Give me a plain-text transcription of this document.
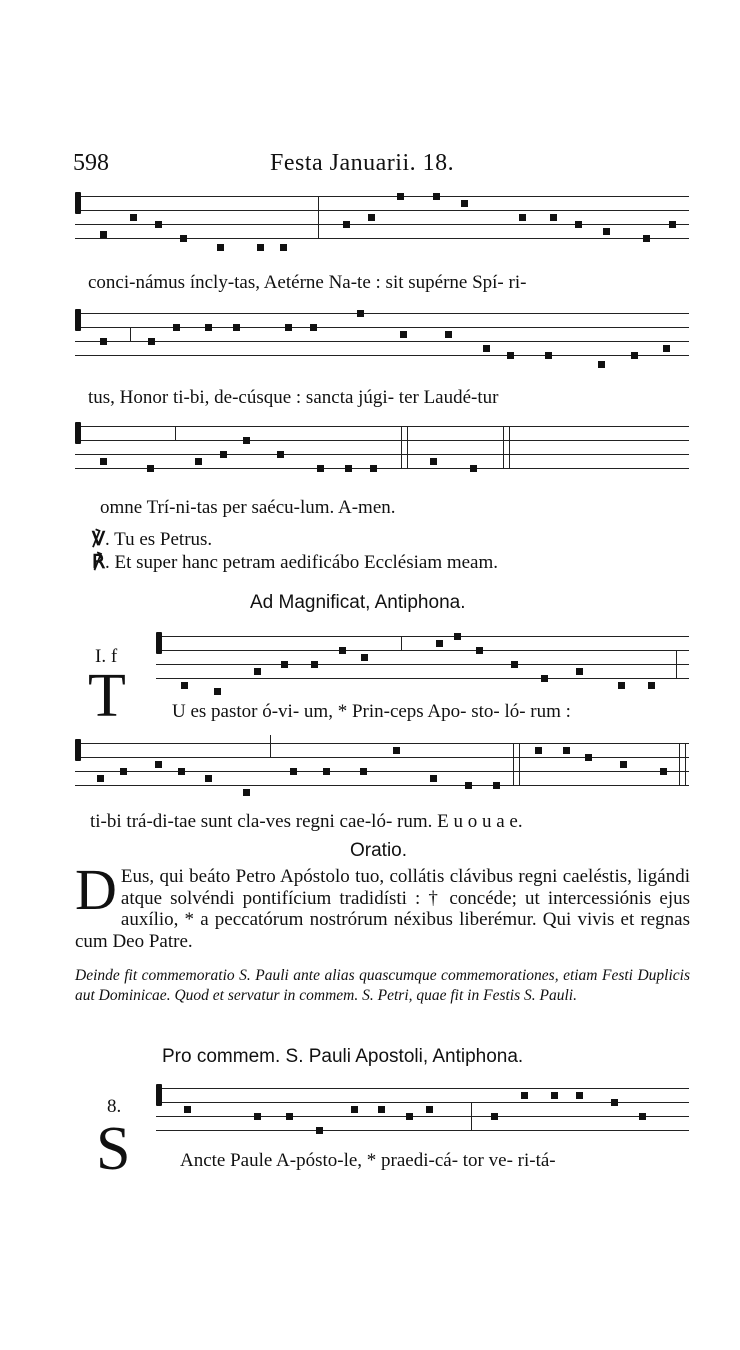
598	Festa Januarii. 18.
conci-námus íncly-tas, Aetérne Na-te : sit supérne Spí- ri-
tus, Honor ti-bi, de-cúsque : sancta júgi- ter Laudé-tur
omne Trí-ni-tas per saécu-lum. A-men.
℣. Tu es Petrus.
℟. Et super hanc petram aedificábo Ecclésiam meam.
Ad Magnificat, Antiphona.
I. f
T U es pastor ó-vi- um, * Prin-ceps Apo- sto- ló- rum :
ti-bi trá-di-tae sunt cla-ves regni cae-ló- rum. E u o u a e.
Oratio.
D Eus, qui beáto Petro Apóstolo tuo, collátis clávibus regni caeléstis, ligándi atque solvéndi pontifícium tradidísti : † concéde; ut intercessiónis ejus auxílio, * a peccatórum nostrórum néxibus liberémur. Qui vivis et regnas cum Deo Patre.
Deinde fit commemoratio S. Pauli ante alias quascumque commemorationes, etiam Festi Duplicis aut Dominicae. Quod et servatur in commem. S. Petri, quae fit in Festis S. Pauli.
Pro commem. S. Pauli Apostoli, Antiphona.
8.
S	Ancte Paule A-pósto-le, * praedi-cá- tor ve- ri-tá-
